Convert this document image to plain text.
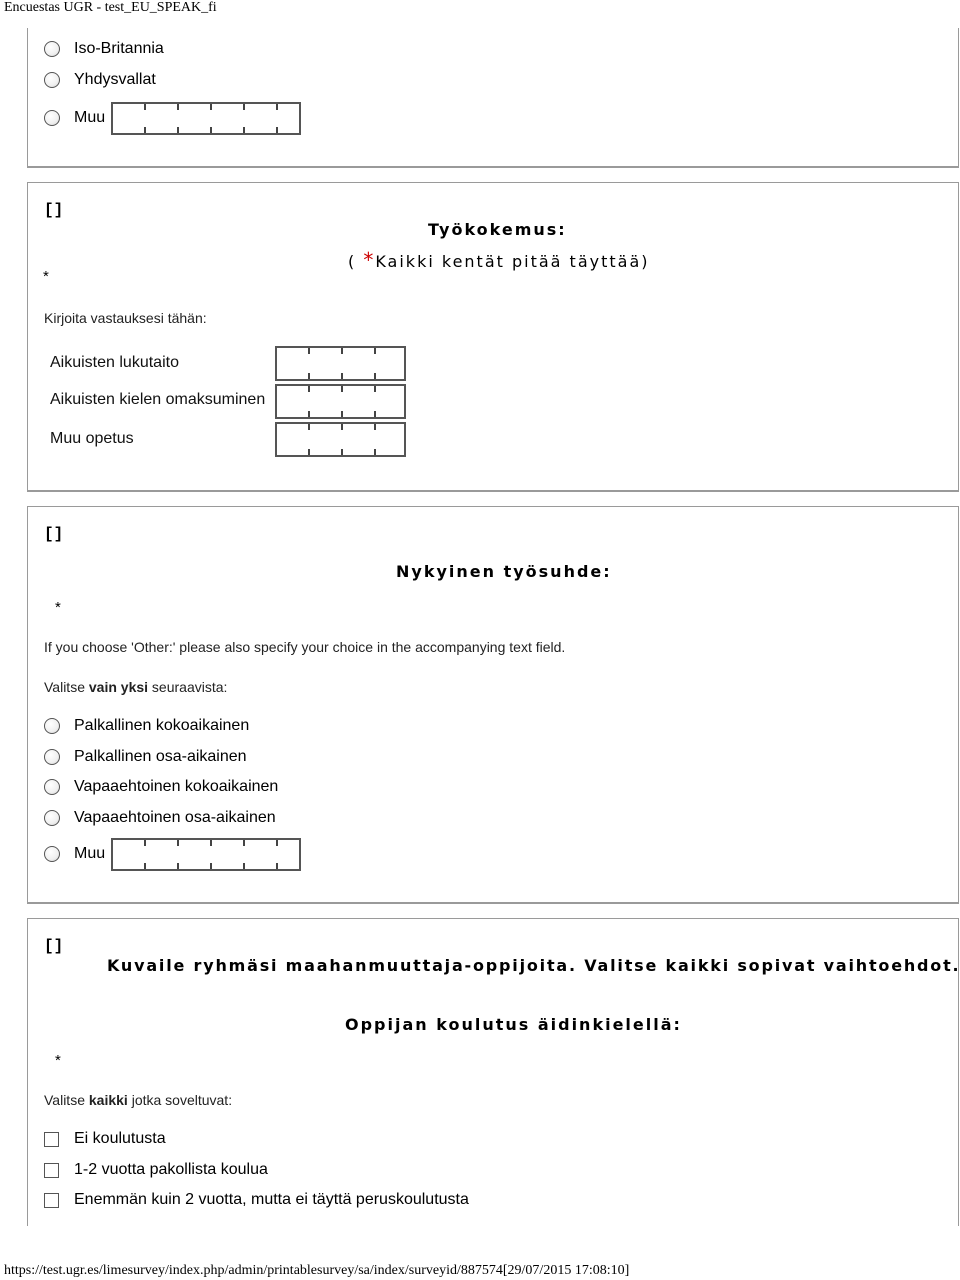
Encuestas UGR - test_EU_SPEAK_fi
Iso-Britannia
Yhdysvallat
Muu
[]
Työkokemus:
( *Kaikki kentät pitää täyttää)
*
Kirjoita vastauksesi tähän:
Aikuisten lukutaito
Aikuisten kielen omaksuminen
Muu opetus
[]
Nykyinen työsuhde:
*
If you choose 'Other:' please also specify your choice in the accompanying text field.
Valitse vain yksi seuraavista:
Palkallinen kokoaikainen
Palkallinen osa-aikainen
Vapaaehtoinen kokoaikainen
Vapaaehtoinen osa-aikainen
Muu
[]
Kuvaile ryhmäsi maahanmuuttaja-oppijoita. Valitse kaikki sopivat vaihtoehdot.
Oppijan koulutus äidinkielellä:
*
Valitse kaikki jotka soveltuvat:
Ei koulutusta
1-2 vuotta pakollista koulua
Enemmän kuin 2 vuotta, mutta ei täyttä peruskoulutusta
https://test.ugr.es/limesurvey/index.php/admin/printablesurvey/sa/index/surveyid/887574[29/07/2015 17:08:10]
